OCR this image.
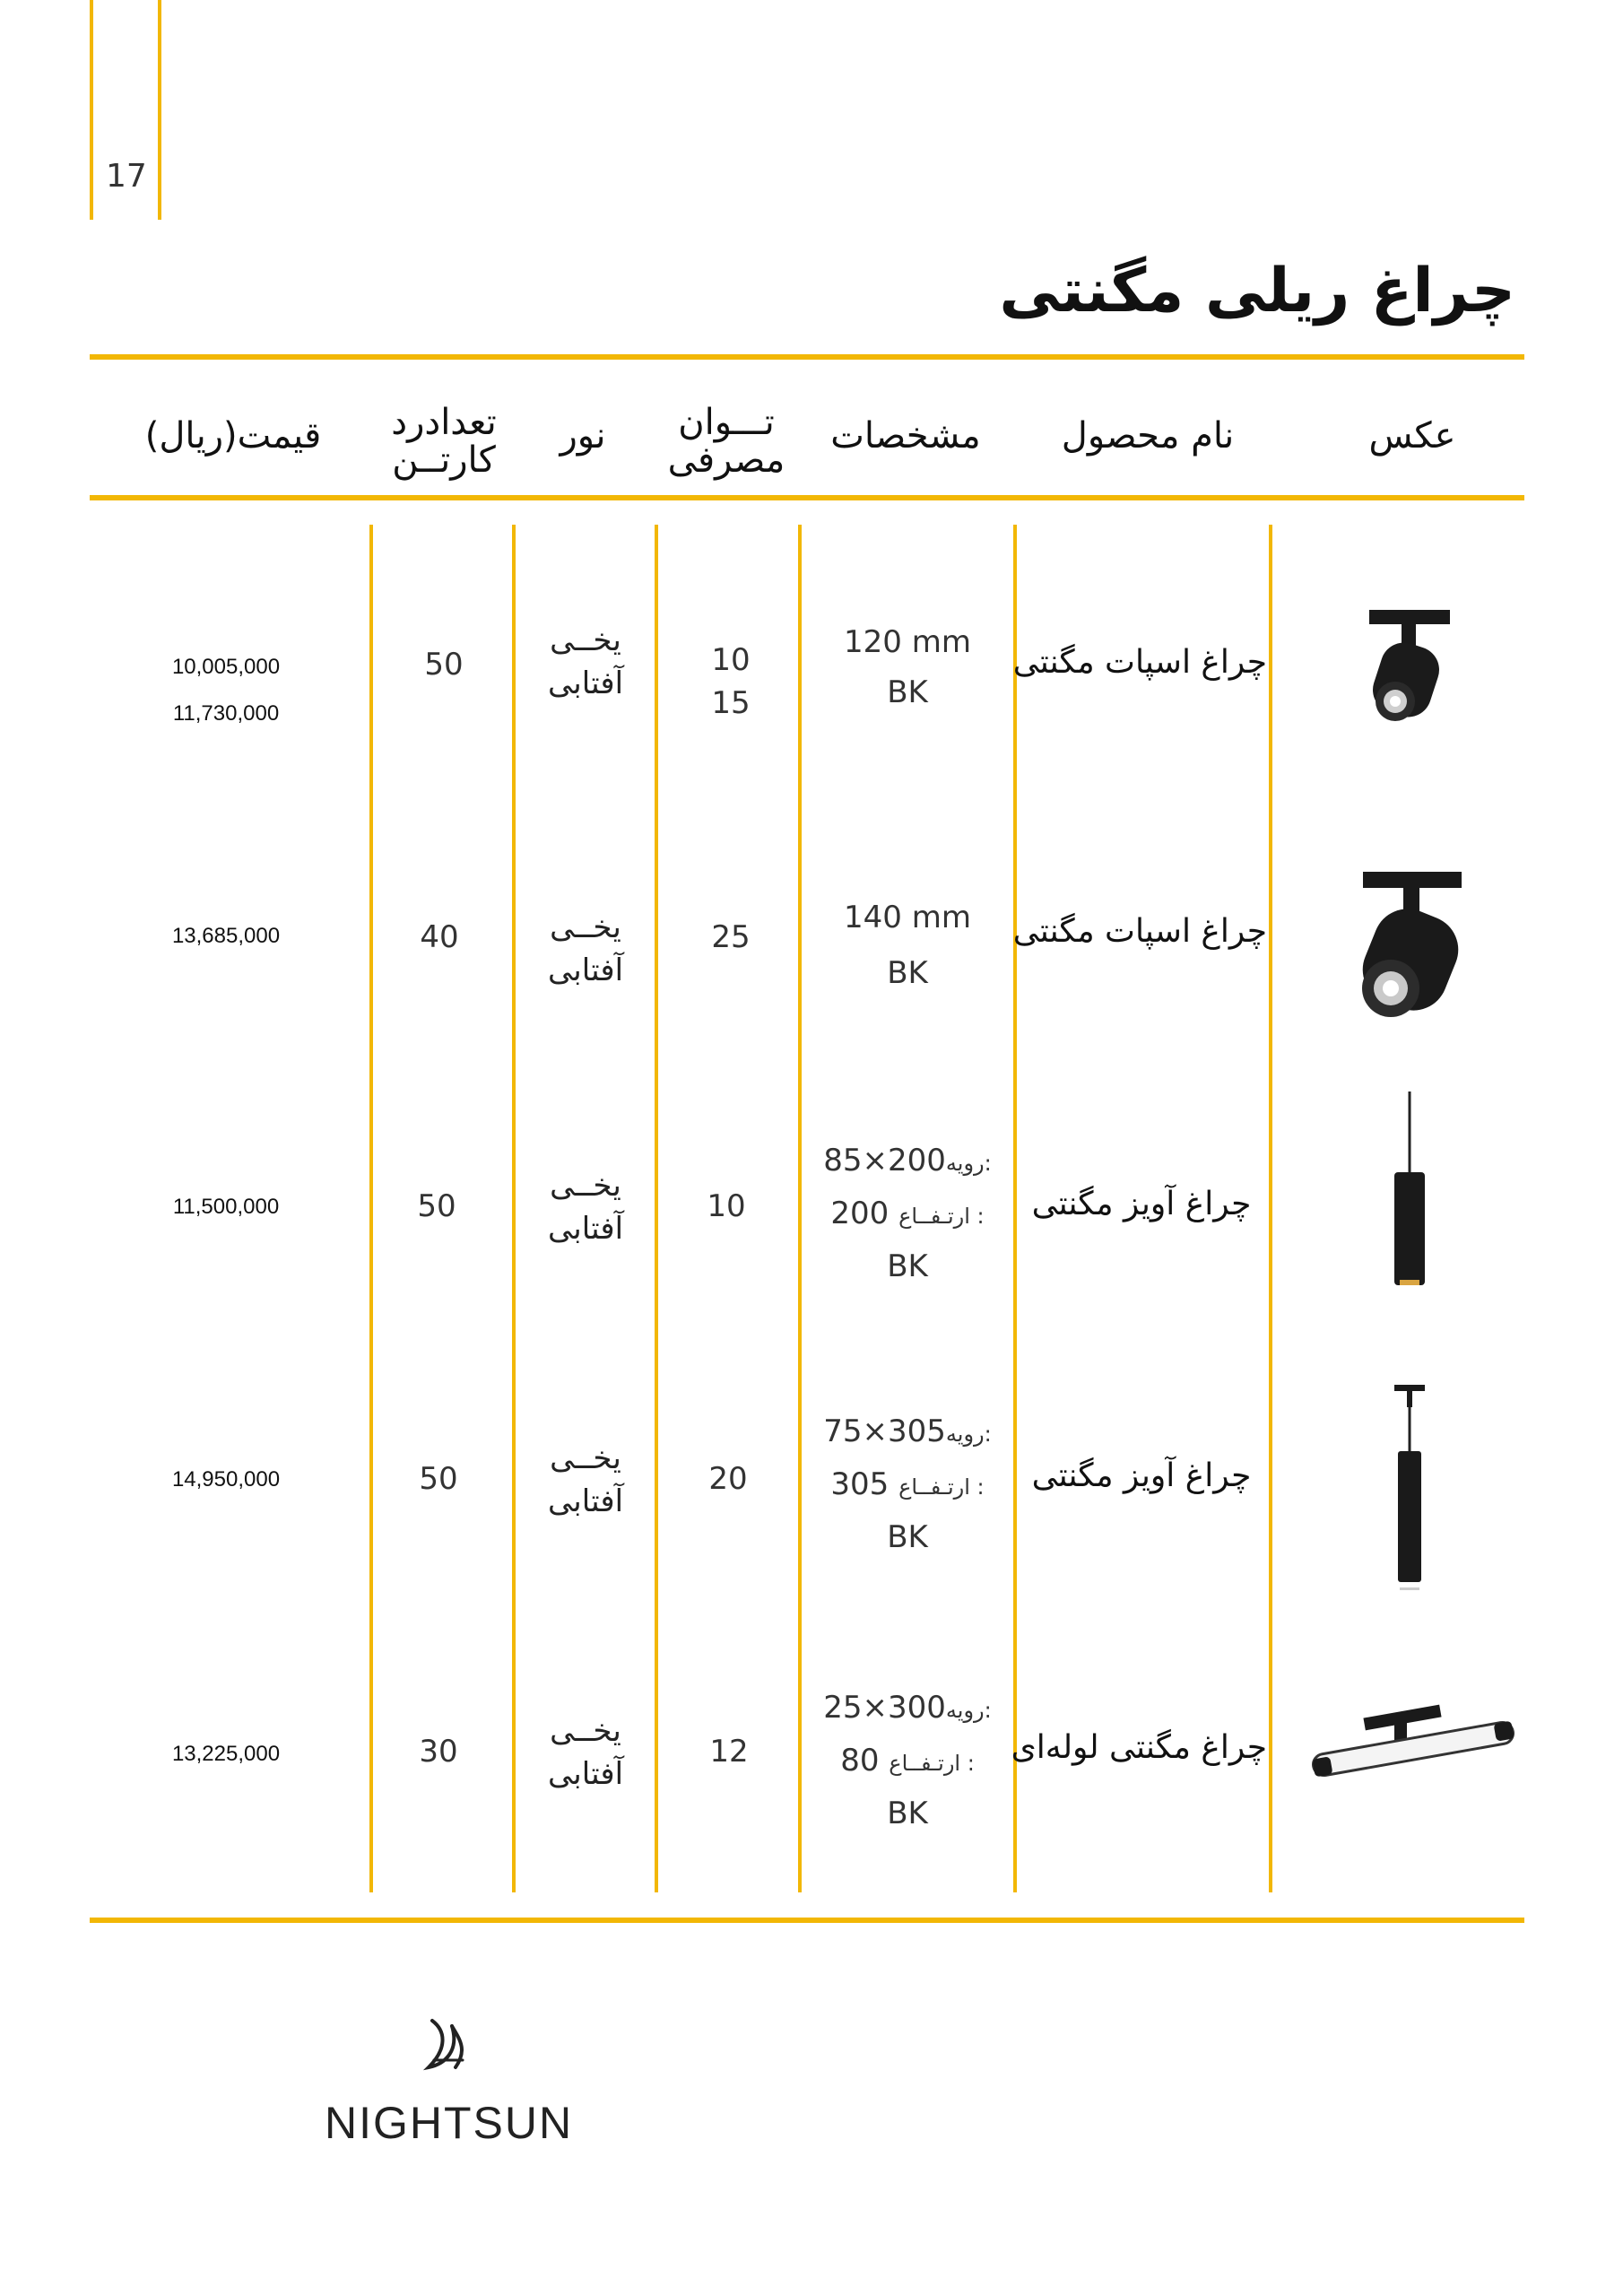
17
چراغ ریلی مگنتی
عکس
نام محصول
مشخصات
تـــوان
مصرفی
نور
تعدادرد
کارتــن
قیمت(ریال)
چراغ اسپات مگنتی
120 mm
BK
10
15
یخــی
آفتابی
50
10,005,000
11,730,000
چراغ اسپات مگنتی
140 mm
BK
25
یخــی
آفتابی
40
13,685,000
چراغ آویز مگنتی
85×200رویه:
200 ارتـفــاع :
BK
10
یخــی
آفتابی
50
11,500,000
چراغ آویز مگنتی
75×305رویه:
305 ارتـفــاع :
BK
20
یخــی
آفتابی
50
14,950,000
چراغ مگنتی لوله‌ای
25×300رویه:
80 ارتـفــاع :
BK
12
یخــی
آفتابی
30
13,225,000
NIGHTSUN
